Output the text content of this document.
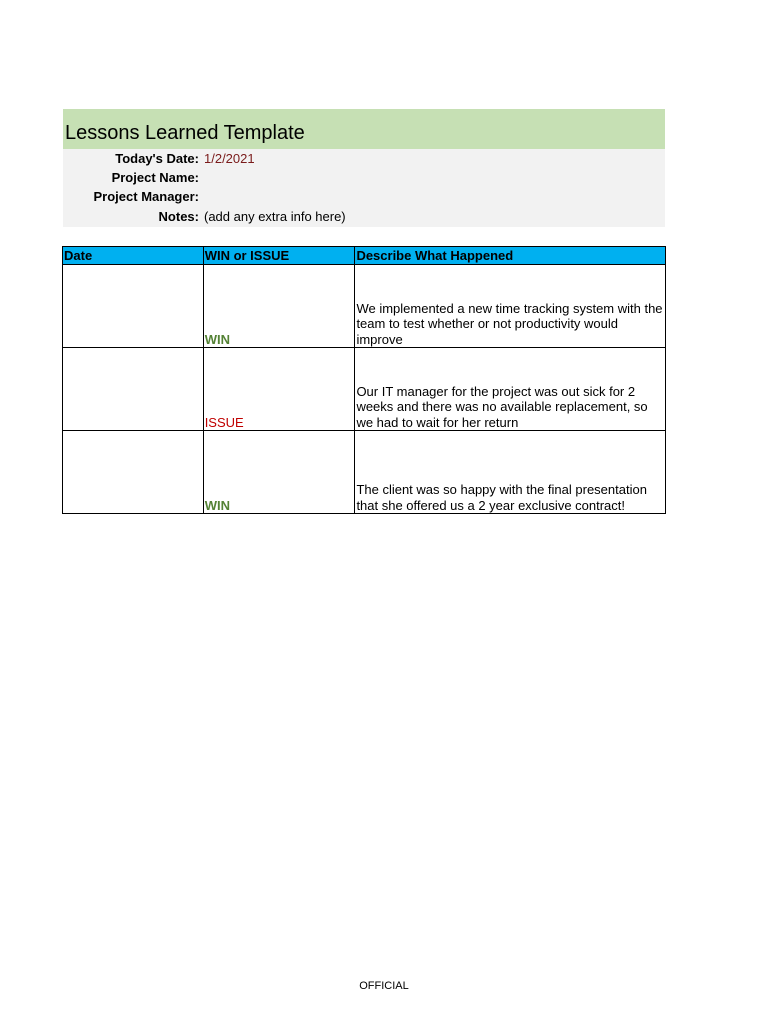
Lessons Learned Template
Today's Date: 1/2/2021
Project Name:
Project Manager:
Notes: (add any extra info here)
Date	WIN or ISSUE	Describe What Happened
	WIN	We implemented a new time tracking system with the team to test whether or not productivity would improve
	ISSUE	Our IT manager for the project was out sick for 2 weeks and there was no available replacement, so we had to wait for her return
	WIN	The client was so happy with the final presentation that she offered us a 2 year exclusive contract!
OFFICIAL
